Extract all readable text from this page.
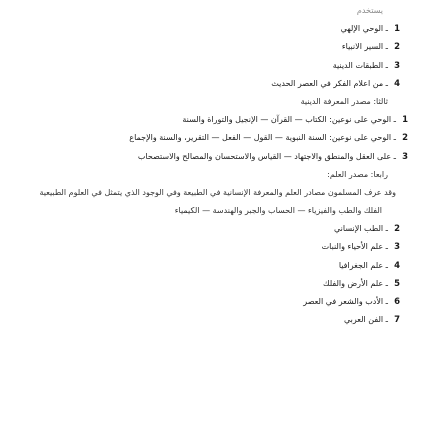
يستخدم
1
ـ الوحي الإلهي
2
ـ السير الانبياء
3
ـ الطبقات الدينية
4
ـ من اعلام الفكر في العصر الحديث
ثالثا: مصدر المعرفة الدينية
1
ـ الوحي على نوعين: الكتاب — القرآن — الإنجيل والتوراة والسنة
2
ـ الوحي على نوعين: السنة النبوية — القول — الفعل — التقرير، والسنة والإجماع
3
ـ على العقل والمنطق والاجتهاد — القياس والاستحسان والمصالح والاستصحاب
رابعا: مصدر العلم:
وقد عرف المسلمون مصادر العلم والمعرفة الإنسانية في الطبيعة وفي الوجود الذي يتمثل في العلوم الطبيعية
الفلك والطب والفيزياء — الحساب والجبر والهندسة — الكيمياء
2
ـ الطب الإنساني
3
ـ علم الأحياء والنبات
4
ـ علم الجغرافيا
5
ـ علم الأرض والفلك
6
ـ الأدب والشعر في العصر
7
ـ الفن العربي
